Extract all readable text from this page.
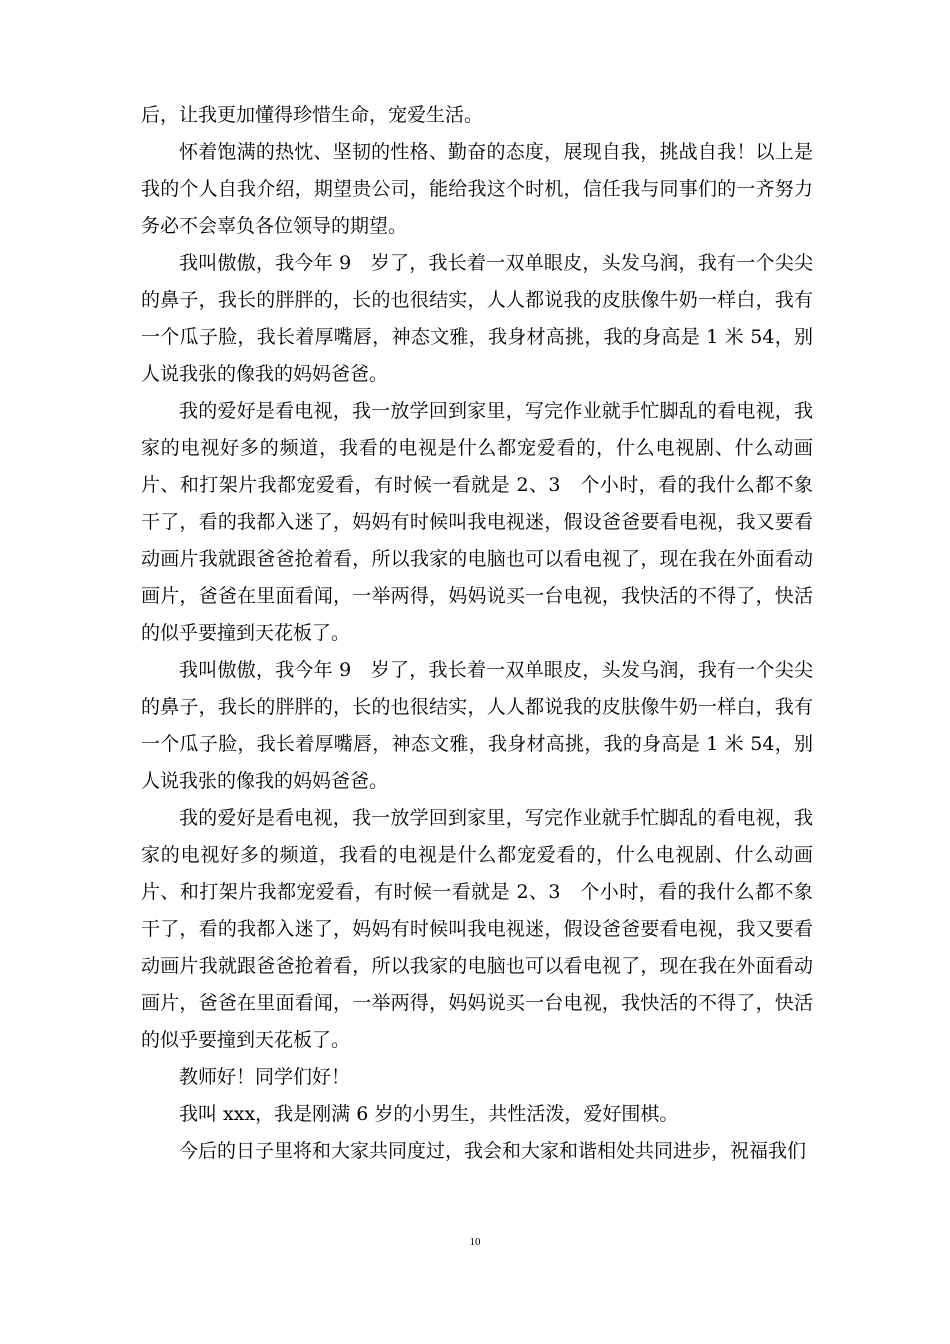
后，让我更加懂得珍惜生命，宠爱生活。

怀着饱满的热忱、坚韧的性格、勤奋的态度，展现自我，挑战自我！以上是我的个人自我介绍，期望贵公司，能给我这个时机，信任我与同事们的一齐努力务必不会辜负各位领导的期望。

我叫傲傲，我今年 9　岁了，我长着一双单眼皮，头发乌润，我有一个尖尖的鼻子，我长的胖胖的，长的也很结实，人人都说我的皮肤像牛奶一样白，我有一个瓜子脸，我长着厚嘴唇，神态文雅，我身材高挑，我的身高是 1 米 54，别人说我张的像我的妈妈爸爸。

我的爱好是看电视，我一放学回到家里，写完作业就手忙脚乱的看电视，我家的电视好多的频道，我看的电视是什么都宠爱看的，什么电视剧、什么动画片、和打架片我都宠爱看，有时候一看就是 2、3　个小时，看的我什么都不象干了，看的我都入迷了，妈妈有时候叫我电视迷，假设爸爸要看电视，我又要看动画片我就跟爸爸抢着看，所以我家的电脑也可以看电视了，现在我在外面看动画片，爸爸在里面看闻，一举两得，妈妈说买一台电视，我快活的不得了，快活的似乎要撞到天花板了。

我叫傲傲，我今年 9　岁了，我长着一双单眼皮，头发乌润，我有一个尖尖的鼻子，我长的胖胖的，长的也很结实，人人都说我的皮肤像牛奶一样白，我有一个瓜子脸，我长着厚嘴唇，神态文雅，我身材高挑，我的身高是 1 米 54，别人说我张的像我的妈妈爸爸。

我的爱好是看电视，我一放学回到家里，写完作业就手忙脚乱的看电视，我家的电视好多的频道，我看的电视是什么都宠爱看的，什么电视剧、什么动画片、和打架片我都宠爱看，有时候一看就是 2、3　个小时，看的我什么都不象干了，看的我都入迷了，妈妈有时候叫我电视迷，假设爸爸要看电视，我又要看动画片我就跟爸爸抢着看，所以我家的电脑也可以看电视了，现在我在外面看动画片，爸爸在里面看闻，一举两得，妈妈说买一台电视，我快活的不得了，快活的似乎要撞到天花板了。

教师好！同学们好！

我叫 xxx，我是刚满 6 岁的小男生，共性活泼，爱好围棋。

今后的日子里将和大家共同度过，我会和大家和谐相处共同进步，祝福我们

10
